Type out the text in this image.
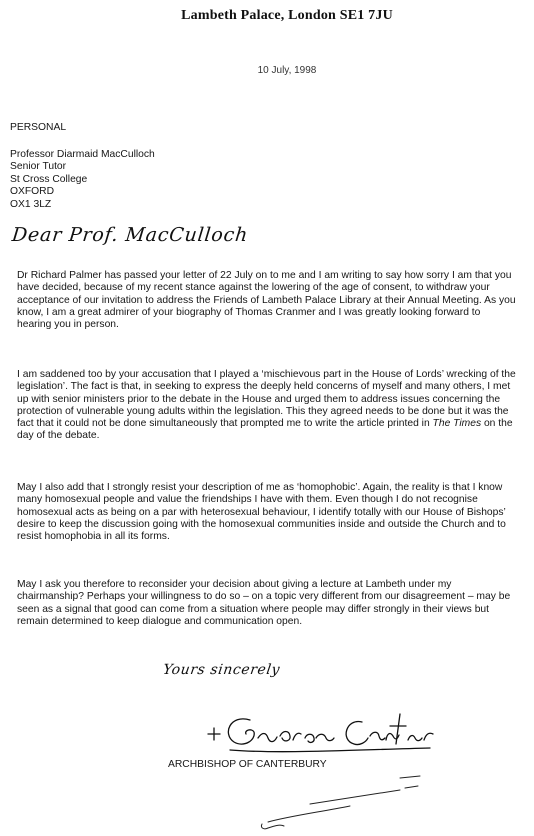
Lambeth Palace, London SE1 7JU
10 July, 1998
PERSONAL
Professor Diarmaid MacCulloch
Senior Tutor
St Cross College
OXFORD
OX1 3LZ
Dear Prof. MacCulloch

Dr Richard Palmer has passed your letter of 22 July on to me and I am writing to say how sorry I am that you have decided, because of my recent stance against the lowering of the age of consent, to withdraw your acceptance of our invitation to address the Friends of Lambeth Palace Library at their Annual Meeting. As you know, I am a great admirer of your biography of Thomas Cranmer and I was greatly looking forward to hearing you in person.

I am saddened too by your accusation that I played a ‘mischievous part in the House of Lords’ wrecking of the legislation’. The fact is that, in seeking to express the deeply held concerns of myself and many others, I met up with senior ministers prior to the debate in the House and urged them to address issues concerning the protection of vulnerable young adults within the legislation. This they agreed needs to be done but it was the fact that it could not be done simultaneously that prompted me to write the article printed in The Times on the day of the debate.

May I also add that I strongly resist your description of me as ‘homophobic’. Again, the reality is that I know many homosexual people and value the friendships I have with them. Even though I do not recognise homosexual acts as being on a par with heterosexual behaviour, I identify totally with our House of Bishops’ desire to keep the discussion going with the homosexual communities inside and outside the Church and to resist homophobia in all its forms.

May I ask you therefore to reconsider your decision about giving a lecture at Lambeth under my chairmanship? Perhaps your willingness to do so – on a topic very different from our disagreement – may be seen as a signal that good can come from a situation where people may differ strongly in their views but remain determined to keep dialogue and communication open.

Yours sincerely
ARCHBISHOP OF CANTERBURY
